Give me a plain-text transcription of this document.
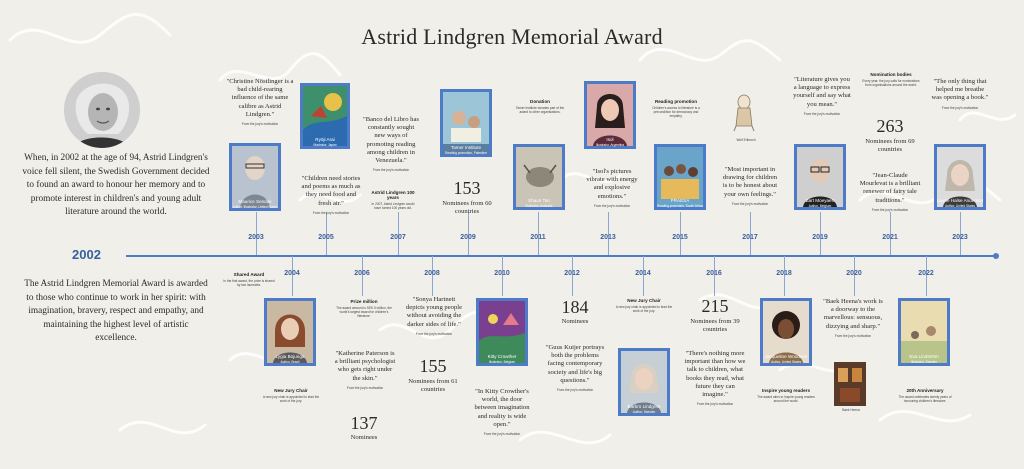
Astrid Lindgren Memorial Award

When, in 2002 at the age of 94, Astrid Lindgren's voice fell silent, the Swedish Government decided to found an award to honour her memory and to promote interest in children's and young adult literature around the world.

The Astrid Lindgren Memorial Award is awarded to those who continue to work in her spirit: with imagination, bravery, respect and empathy, and maintaining the highest level of artistic excellence.

2002
2003	2005	2007	2009	2011	2013	2015	2017	2019	2021	2023
2004	2006	2008	2010	2012	2014	2016	2018	2020	2022
"Christine Nöstlinger is a bad child-rearing influence of the same calibre as Astrid Lindgren."
From the jury's motivation
Maurice Sendak
Author, Illustrator, United States
Ryōji Arai
Illustrator, Japan
"Children need stories and poems as much as they need food and fresh air."
From the jury's motivation
"Banco del Libro has constantly sought new ways of promoting reading among children in Venezuela."
From the jury's motivation
Astrid Lindgren 100 years
In 2007, Astrid Lindgren would have turned 100 years old.
Tamer Institute
Reading promotion, Palestine
153
Nominees from 60 countries
Donation
Tamer Institute donates part of the award to other organisations.
Shaun Tan
Illustrator, Australia
Isol
Illustrator, Argentina
"Isol's pictures vibrate with energy and explosive emotions."
From the jury's motivation
Reading promotion
Children's access to literature is a precondition for democracy and empathy.
PRAESA
Reading promotion, South Africa
Wolf Erlbruch
"Most important in drawing for children is to be honest about your own feelings."
From the jury's motivation
"Literature gives you a language to express yourself and say what you mean."
From the jury's motivation
Bart Moeyaert
Author, Belgium
Nomination bodies
Every year, the jury calls for nominations from organisations around the world.
263
Nominees from 69 countries
"Jean-Claude Mourlevat is a brilliant renewer of fairy tale traditions."
From the jury's motivation
"The only thing that helped me breathe was opening a book."
From the jury's motivation
Laurie Halse Anderson
Author, United States
Shared Award
In the first award, the prize is shared by two laureates.
Lygia Bojunga
Author, Brazil
New Jury Chair
A new jury chair is appointed to lead the work of the jury.
Prize million
The award amount is SEK 5 million, the world's largest award for children's literature.
"Katherine Paterson is a brilliant psychologist who gets right under the skin."
From the jury's motivation
137
Nominees
"Sonya Hartnett depicts young people without avoiding the darker sides of life."
From the jury's motivation
155
Nominees from 61 countries
Kitty Crowther
Illustrator, Belgium
"In Kitty Crowther's world, the door between imagination and reality is wide open."
From the jury's motivation
184
Nominees
"Guus Kuijer portrays both the problems facing contemporary society and life's big questions."
From the jury's motivation
New Jury Chair
A new jury chair is appointed to lead the work of the jury.
Barbro Lindgren
Author, Sweden
215
Nominees from 39 countries
"There's nothing more important than how we talk to children, what books they read, what future they can imagine."
From the jury's motivation
Jacqueline Woodson
Author, United States
Inspire young readers
The award aims to inspire young readers around the world.
"Baek Heena's work is a doorway to the marvellous: sensuous, dizzying and sharp."
From the jury's motivation
Baek Heena
Eva Lindström
Illustrator, Sweden
20th Anniversary
The award celebrates twenty years of honouring children's literature.
